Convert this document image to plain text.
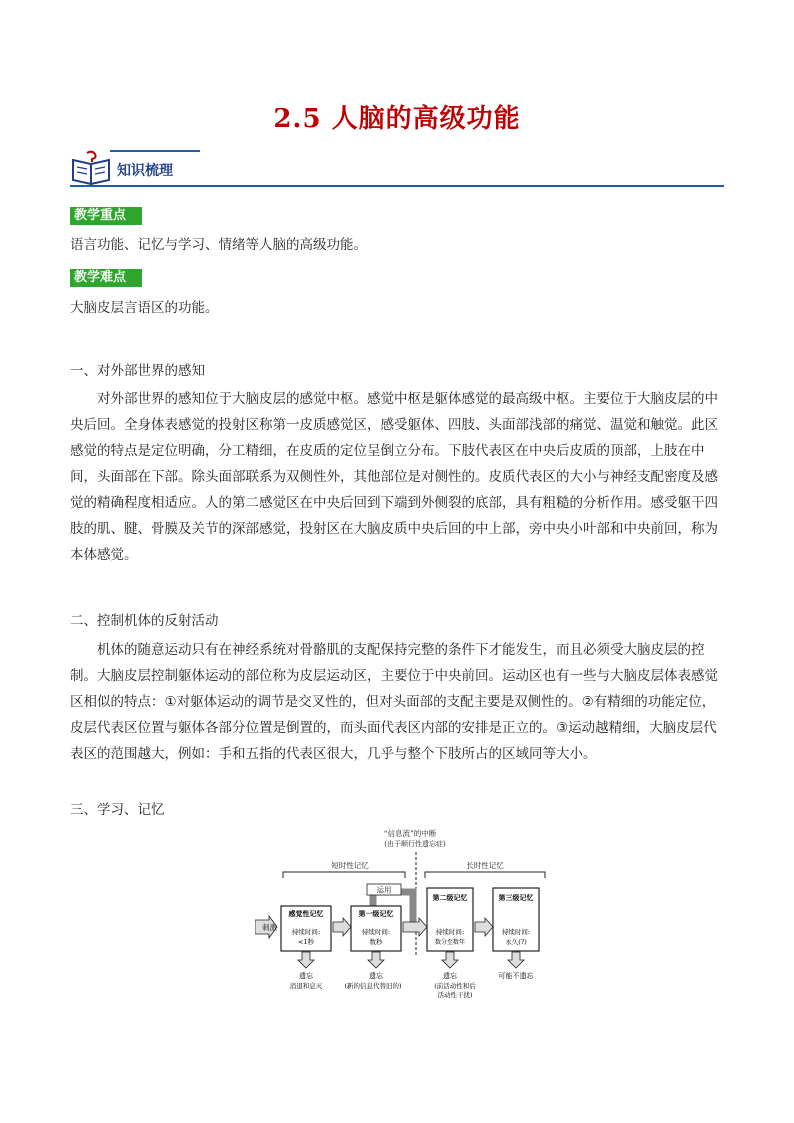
2.5 人脑的高级功能
知识梳理
教学重点
语言功能、记忆与学习、情绪等人脑的高级功能。
教学难点
大脑皮层言语区的功能。
一、对外部世界的感知
对外部世界的感知位于大脑皮层的感觉中枢。感觉中枢是躯体感觉的最高级中枢。主要位于大脑皮层的中央后回。全身体表感觉的投射区称第一皮质感觉区，感受躯体、四肢、头面部浅部的痛觉、温觉和触觉。此区感觉的特点是定位明确，分工精细，在皮质的定位呈倒立分布。下肢代表区在中央后皮质的顶部，上肢在中间，头面部在下部。除头面部联系为双侧性外，其他部位是对侧性的。皮质代表区的大小与神经支配密度及感觉的精确程度相适应。人的第二感觉区在中央后回到下端到外侧裂的底部，具有粗糙的分析作用。感受躯干四肢的肌、腱、骨膜及关节的深部感觉，投射区在大脑皮质中央后回的中上部，旁中央小叶部和中央前回，称为本体感觉。
二、控制机体的反射活动
机体的随意运动只有在神经系统对骨骼肌的支配保持完整的条件下才能发生，而且必须受大脑皮层的控制。大脑皮层控制躯体运动的部位称为皮层运动区，主要位于中央前回。运动区也有一些与大脑皮层体表感觉区相似的特点：①对躯体运动的调节是交叉性的，但对头面部的支配主要是双侧性的。②有精细的功能定位，皮层代表区位置与躯体各部分位置是倒置的，而头面代表区内部的安排是正立的。③运动越精细，大脑皮层代表区的范围越大，例如：手和五指的代表区很大，几乎与整个下肢所占的区域同等大小。
三、学习、记忆
“信息流”的中断
(由于顺行性遗忘症)
短时性记忆	长时性记忆
运用
刺激
感觉性记忆
持续时间:
<1秒
第一级记忆
持续时间:
数秒
第二级记忆
持续时间:
数分至数年
第三级记忆
持续时间:
永久(?)
遗忘
消退和息灭
遗忘
(新的信息代替旧的)
遗忘
(前活动性和后
活动性干扰)
可能不遗忘
